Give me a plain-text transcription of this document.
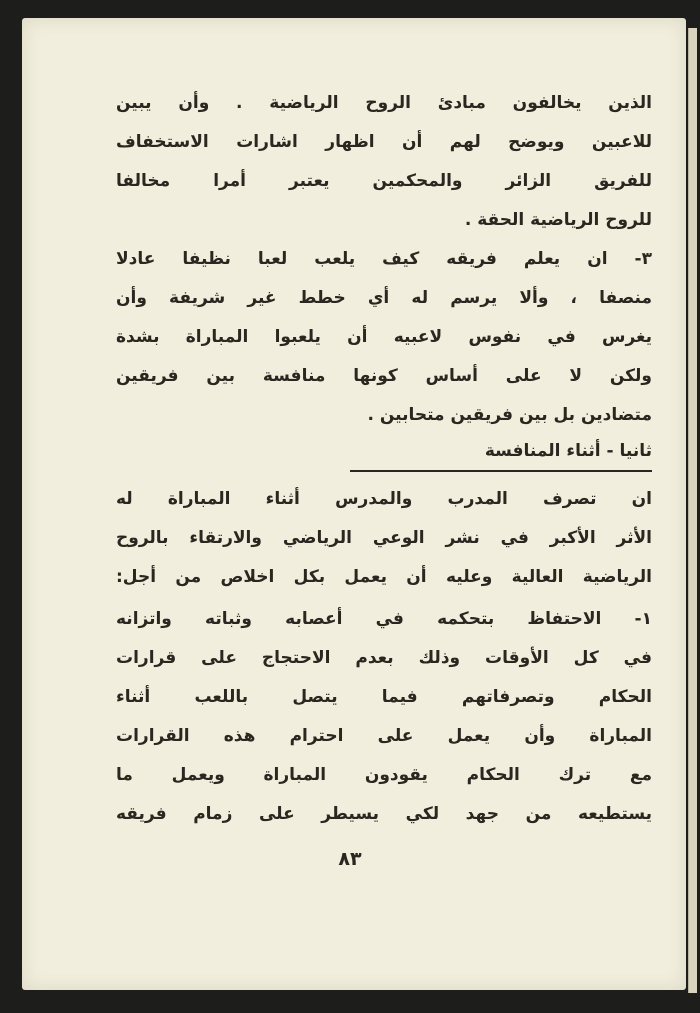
الذين يخالفون مبادئ الروح الرياضية . وأن يبين
للاعبين ويوضح لهم أن اظهار اشارات الاستخفاف
للفريق الزائر والمحكمين يعتبر أمرا مخالفا
للروح الرياضية الحقة .
٣- ان يعلم فريقه كيف يلعب لعبا نظيفا عادلا
منصفا ، وألا يرسم له أي خطط غير شريفة وأن
يغرس في نفوس لاعبيه أن يلعبوا المباراة بشدة
ولكن لا على أساس كونها منافسة بين فريقين
متضادين بل بين فريقين متحابين .
ثانيا - أثناء المنافسة
ان تصرف المدرب والمدرس أثناء المباراة له
الأثر الأكبر في نشر الوعي الرياضي والارتقاء بالروح
الرياضية العالية وعليه أن يعمل بكل اخلاص من أجل:
١- الاحتفاظ بتحكمه في أعصابه وثباته واتزانه
في كل الأوقات وذلك بعدم الاحتجاج على قرارات
الحكام وتصرفاتهم فيما يتصل باللعب أثناء
المباراة وأن يعمل على احترام هذه القرارات
مع ترك الحكام يقودون المباراة ويعمل ما
يستطيعه من جهد لكي يسيطر على زمام فريقه
٨٣
